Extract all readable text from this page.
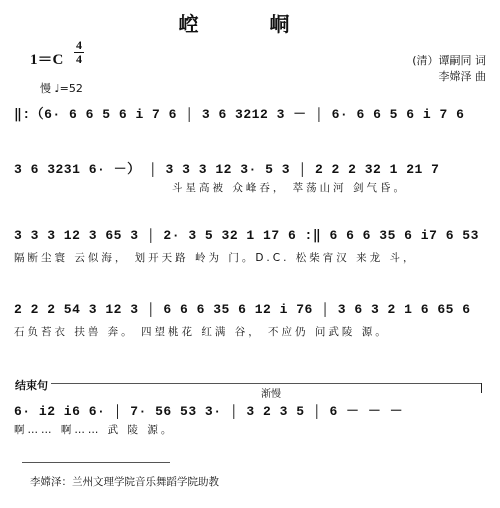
崆 峒
1＝C
4
4
慢 ♩=52
(清）谭嗣同 词
李嫦泽 曲
‖:（6· 6 6 5 6 i 7 6 │ 3 6 3212 3 － │ 6· 6 6 5 6 i 7 6
3 6 3231 6· －） │ 3 3 3 12 3· 5 3 │ 2 2 2 32 1 21 7
斗星高被 众峰吞， 萃荡山河 剑气昏。
3 3 3 12 3 65 3 │ 2· 3 5 32 1 17 6 :‖ 6 6 6 35 6 i7 6 53
隔断尘寰 云似海， 划开天路 岭为 门。D.C. 松柴宵汉 来龙 斗，
2 2 2 54 3 12 3 │ 6 6 6 35 6 12 i 76 │ 3 6 3 2 1 6 65 6
石负苔衣 扶兽 奔。 四望桃花 红满 谷， 不应仍 问武陵 源。
结束句
渐慢
6· i2 i6 6· │ 7· 56 53 3· │ 3 2 3 5 │ 6 － － －
啊…… 啊…… 武 陵 源。
李嫦泽：兰州文理学院音乐舞蹈学院助教
